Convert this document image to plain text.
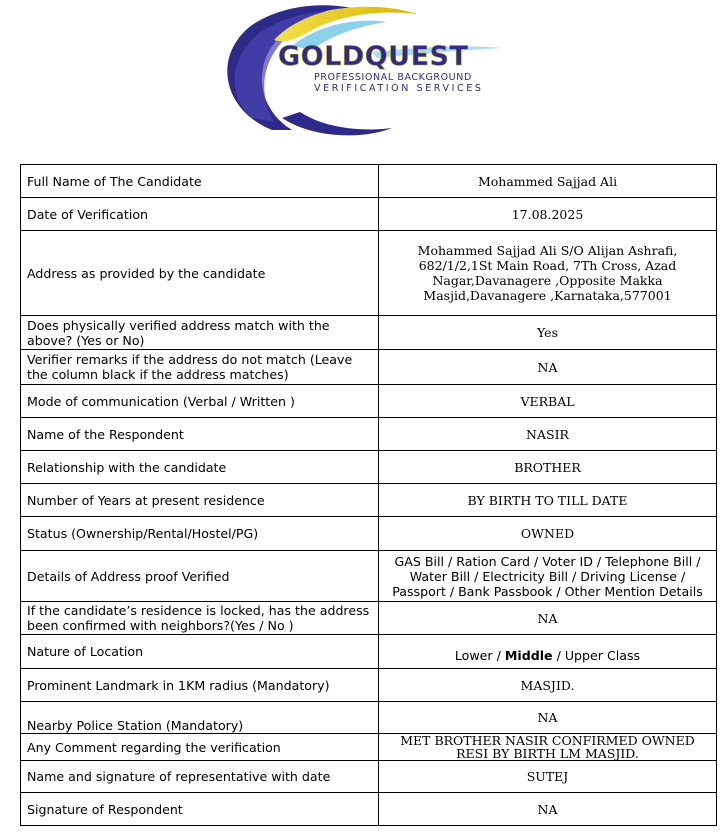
GOLDQUEST
PROFESSIONAL BACKGROUND
VERIFICATION SERVICES
Full Name of The Candidate	Mohammed Sajjad Ali
Date of Verification	17.08.2025
Address as provided by the candidate	Mohammed Sajjad Ali S/O Alijan Ashrafi, 682/1/2,1St Main Road, 7Th Cross, Azad Nagar,Davanagere ,Opposite Makka Masjid,Davanagere ,Karnataka,577001
Does physically verified address match with the above? (Yes or No)	Yes
Verifier remarks if the address do not match (Leave the column black if the address matches)	NA
Mode of communication (Verbal / Written )	VERBAL
Name of the Respondent	NASIR
Relationship with the candidate	BROTHER
Number of Years at present residence	BY BIRTH TO TILL DATE
Status (Ownership/Rental/Hostel/PG)	OWNED
Details of Address proof Verified	GAS Bill / Ration Card / Voter ID / Telephone Bill / Water Bill / Electricity Bill / Driving License / Passport / Bank Passbook / Other Mention Details
If the candidate’s residence is locked, has the address been confirmed with neighbors?(Yes / No )	NA
Nature of Location	Lower / Middle / Upper Class
Prominent Landmark in 1KM radius (Mandatory)	MASJID.
Nearby Police Station (Mandatory)	NA
Any Comment regarding the verification	MET BROTHER NASIR CONFIRMED OWNED RESI BY BIRTH LM MASJID.
Name and signature of representative with date	SUTEJ
Signature of Respondent	NA
